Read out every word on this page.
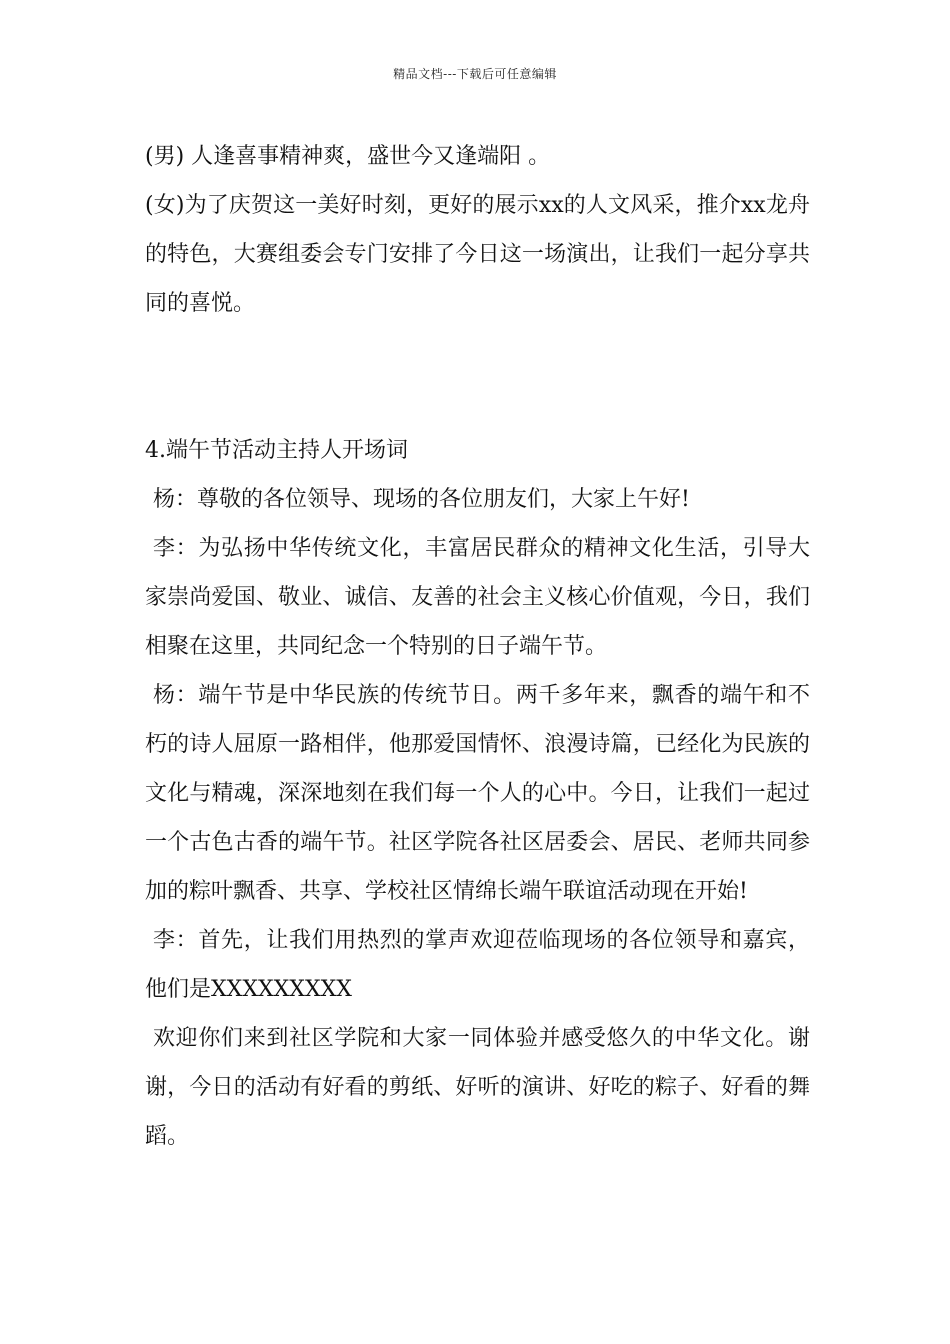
精品文档---下载后可任意编辑

(男) 人逢喜事精神爽，盛世今又逢端阳 。

(女)为了庆贺这一美好时刻，更好的展示xx的人文风采，推介xx龙舟的特色，大赛组委会专门安排了今日这一场演出，让我们一起分享共同的喜悦。

4.端午节活动主持人开场词

杨：尊敬的各位领导、现场的各位朋友们，大家上午好!

李：为弘扬中华传统文化，丰富居民群众的精神文化生活，引导大家崇尚爱国、敬业、诚信、友善的社会主义核心价值观，今日，我们相聚在这里，共同纪念一个特别的日子端午节。

杨：端午节是中华民族的传统节日。两千多年来，飘香的端午和不朽的诗人屈原一路相伴，他那爱国情怀、浪漫诗篇，已经化为民族的文化与精魂，深深地刻在我们每一个人的心中。今日，让我们一起过一个古色古香的端午节。社区学院各社区居委会、居民、老师共同参加的粽叶飘香、共享、学校社区情绵长端午联谊活动现在开始!

李：首先，让我们用热烈的掌声欢迎莅临现场的各位领导和嘉宾，他们是XXXXXXXXX

欢迎你们来到社区学院和大家一同体验并感受悠久的中华文化。谢谢，今日的活动有好看的剪纸、好听的演讲、好吃的粽子、好看的舞蹈。
